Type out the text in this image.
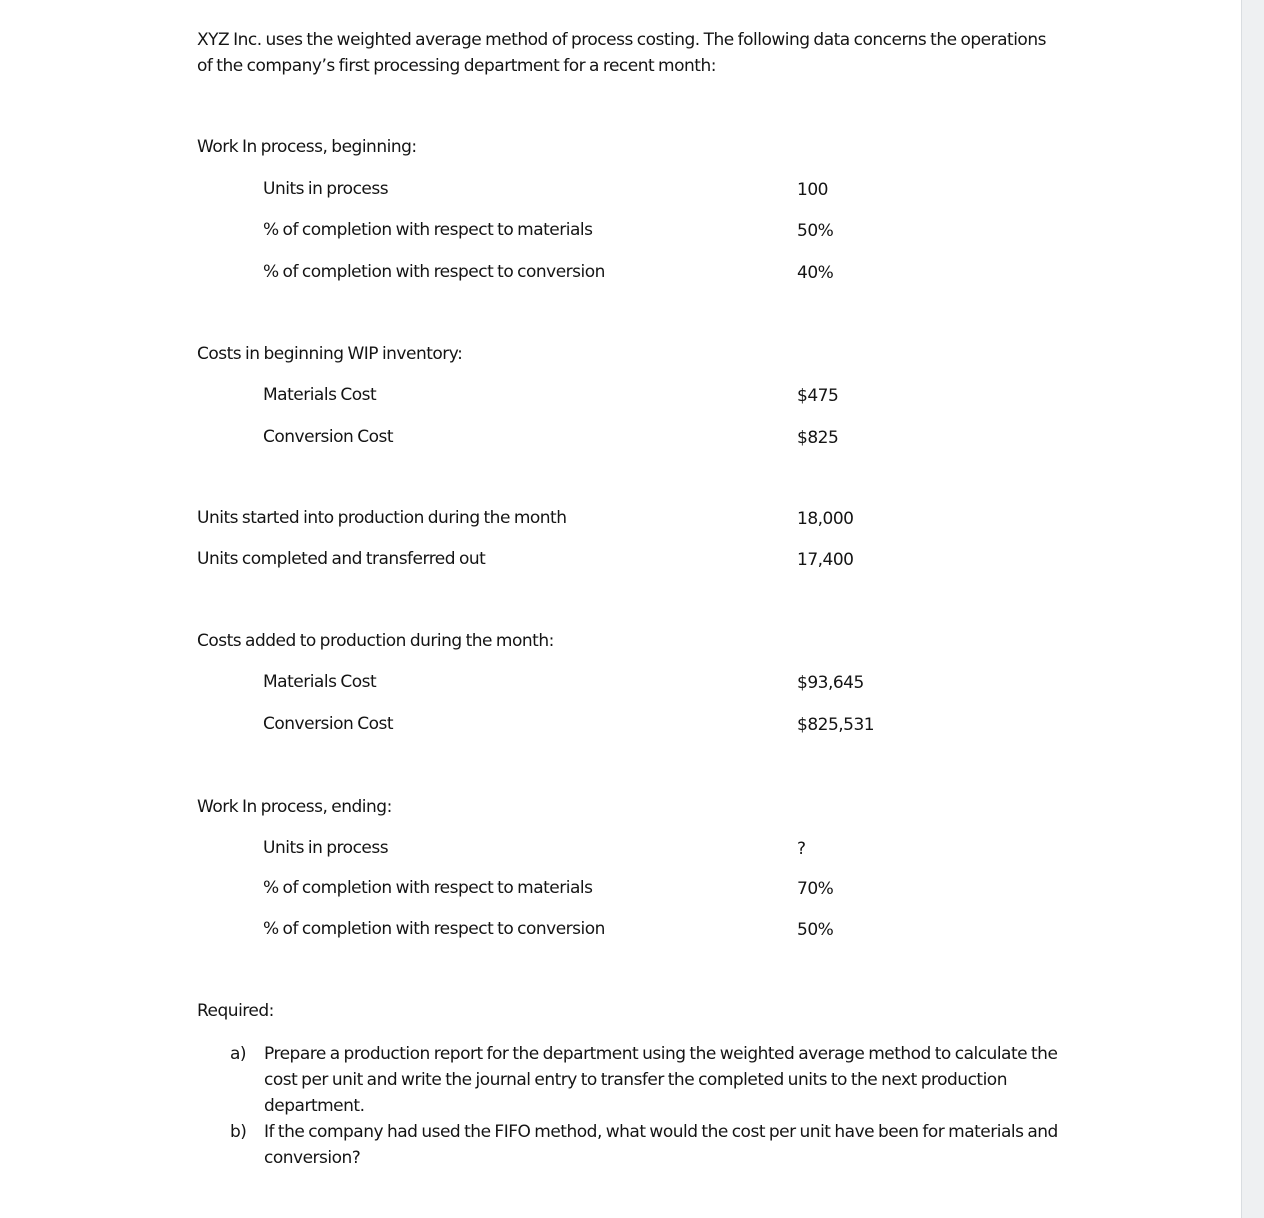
XYZ Inc. uses the weighted average method of process costing. The following data concerns the operations of the company’s first processing department for a recent month:
Work In process, beginning:
Units in process	100
% of completion with respect to materials	50%
% of completion with respect to conversion	40%
Costs in beginning WIP inventory:
Materials Cost	$475
Conversion Cost	$825
Units started into production during the month	18,000
Units completed and transferred out	17,400
Costs added to production during the month:
Materials Cost	$93,645
Conversion Cost	$825,531
Work In process, ending:
Units in process	?
% of completion with respect to materials	70%
% of completion with respect to conversion	50%
Required:
a) Prepare a production report for the department using the weighted average method to calculate the cost per unit and write the journal entry to transfer the completed units to the next production department.
b) If the company had used the FIFO method, what would the cost per unit have been for materials and conversion?
